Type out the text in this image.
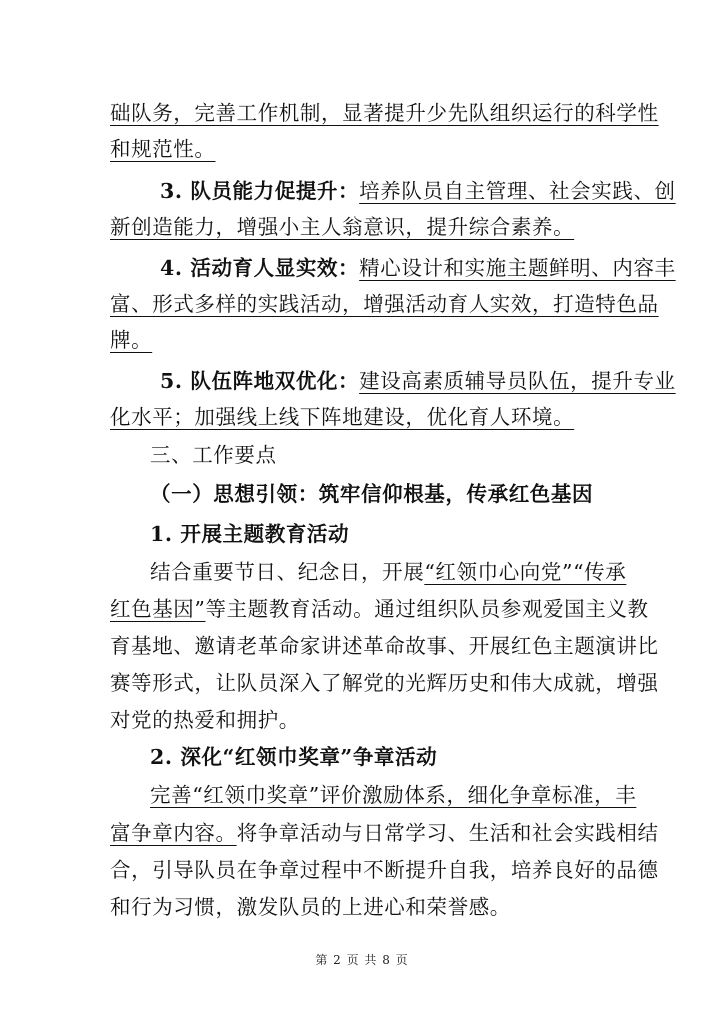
础队务，完善工作机制，显著提升少先队组织运行的科学性
和规范性。
3. 队员能力促提升：培养队员自主管理、社会实践、创
新创造能力，增强小主人翁意识，提升综合素养。
4. 活动育人显实效：精心设计和实施主题鲜明、内容丰
富、形式多样的实践活动，增强活动育人实效，打造特色品
牌。
5. 队伍阵地双优化：建设高素质辅导员队伍，提升专业
化水平；加强线上线下阵地建设，优化育人环境。
三、工作要点
（一）思想引领：筑牢信仰根基，传承红色基因
1. 开展主题教育活动
结合重要节日、纪念日，开展“红领巾心向党”“传承
红色基因”等主题教育活动。通过组织队员参观爱国主义教
育基地、邀请老革命家讲述革命故事、开展红色主题演讲比
赛等形式，让队员深入了解党的光辉历史和伟大成就，增强
对党的热爱和拥护。
2. 深化“红领巾奖章”争章活动
完善“红领巾奖章”评价激励体系，细化争章标准，丰
富争章内容。将争章活动与日常学习、生活和社会实践相结
合，引导队员在争章过程中不断提升自我，培养良好的品德
和行为习惯，激发队员的上进心和荣誉感。
第 2 页 共 8 页
